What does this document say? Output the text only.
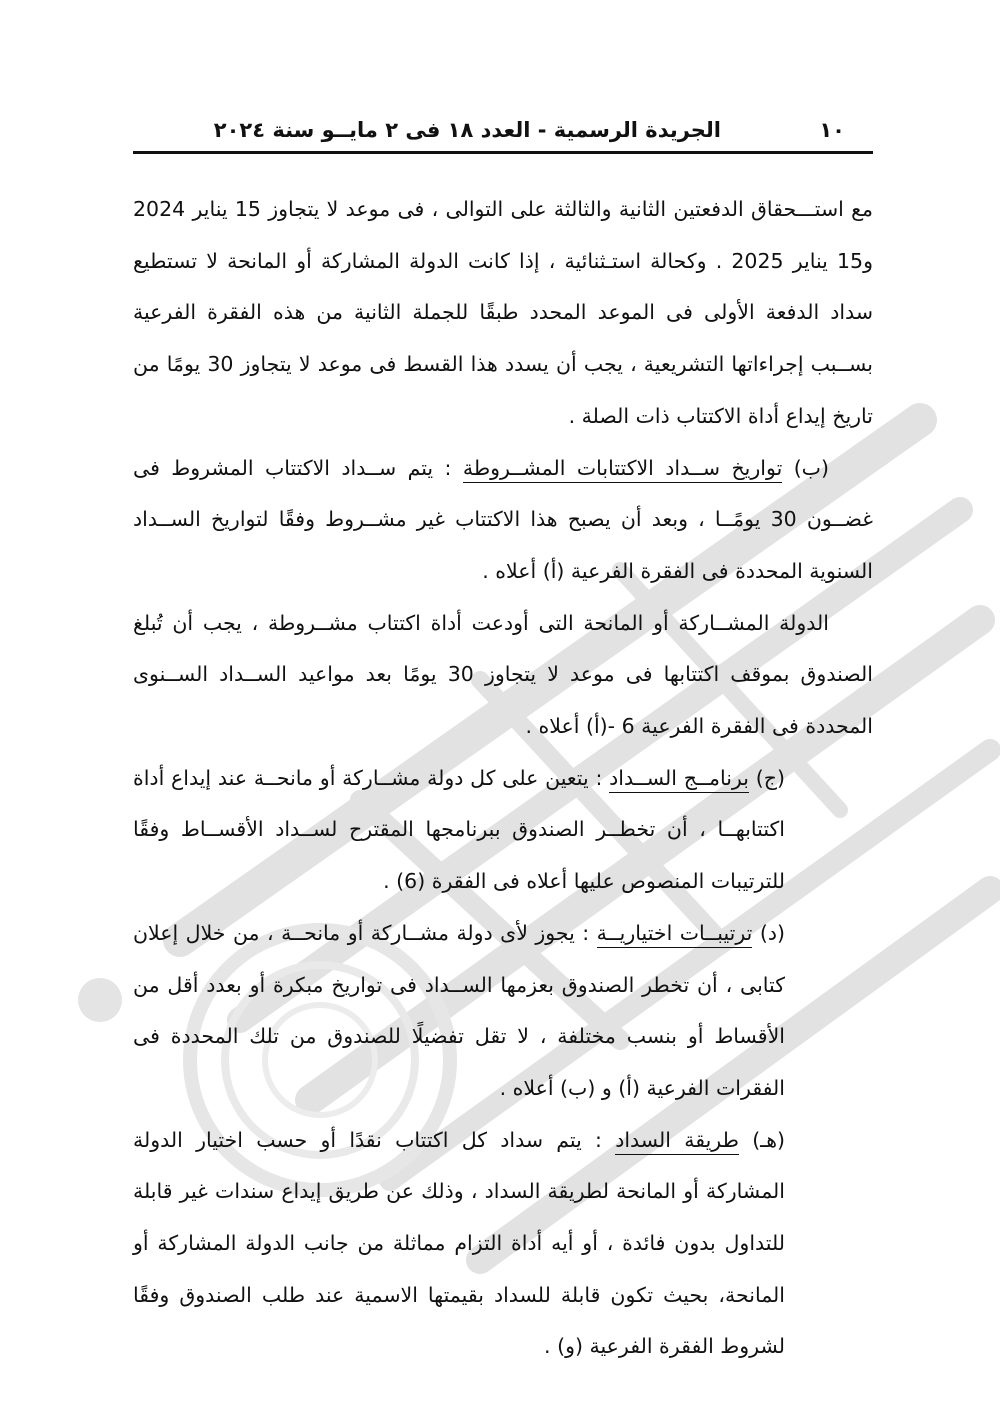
١٠
الجريدة الرسمية - العدد ١٨ فى ٢ مايــو سنة ٢٠٢٤

مع استـــحقاق الدفعتين الثانية والثالثة على التوالى ، فى موعد لا يتجاوز 15 يناير 2024 و15 يناير 2025 . وكحالة استـثنائية ، إذا كانت الدولة المشاركة أو المانحة لا تستطيع سداد الدفعة الأولى فى الموعد المحدد طبقًا للجملة الثانية من هذه الفقرة الفرعية بســبب إجراءاتها التشريعية ، يجب أن يسدد هذا القسط فى موعد لا يتجاوز 30 يومًا من تاريخ إيداع أداة الاكتتاب ذات الصلة .

(ب) تواريخ ســداد الاكتتابات المشــروطة : يتم ســداد الاكتتاب المشروط فى غضــون 30 يومًــا ، وبعد أن يصبح هذا الاكتتاب غير مشــروط وفقًا لتواريخ الســداد السنوية المحددة فى الفقرة الفرعية (أ) أعلاه .

الدولة المشــاركة أو المانحة التى أودعت أداة اكتتاب مشــروطة ، يجب أن تُبلغ الصندوق بموقف اكتتابها فى موعد لا يتجاوز 30 يومًا بعد مواعيد الســداد الســنوى المحددة فى الفقرة الفرعية 6 -(أ) أعلاه .

(ج) برنامــج الســداد : يتعين على كل دولة مشــاركة أو مانحــة عند إيداع أداة اكتتابهــا ، أن تخطــر الصندوق ببرنامجها المقترح لســداد الأقســاط وفقًا للترتيبات المنصوص عليها أعلاه فى الفقرة (6) .

(د) ترتيبــات اختياريــة : يجوز لأى دولة مشــاركة أو مانحــة ، من خلال إعلان كتابى ، أن تخطر الصندوق بعزمها الســداد فى تواريخ مبكرة أو بعدد أقل من الأقساط أو بنسب مختلفة ، لا تقل تفضيلًا للصندوق من تلك المحددة فى الفقرات الفرعية (أ) و (ب) أعلاه .

(هـ) طريقة السداد : يتم سداد كل اكتتاب نقدًا أو حسب اختيار الدولة المشاركة أو المانحة لطريقة السداد ، وذلك عن طريق إيداع سندات غير قابلة للتداول بدون فائدة ، أو أيه أداة التزام مماثلة من جانب الدولة المشاركة أو المانحة، بحيث تكون قابلة للسداد بقيمتها الاسمية عند طلب الصندوق وفقًا لشروط الفقرة الفرعية (و) .
